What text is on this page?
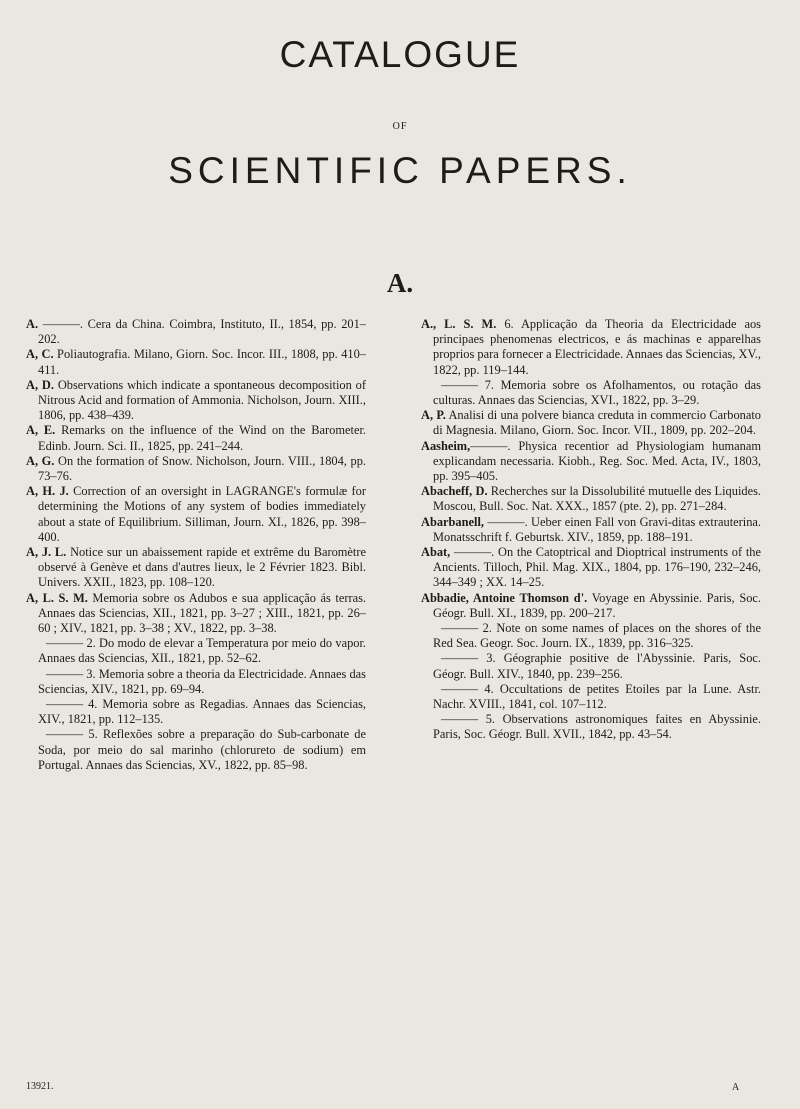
CATALOGUE
OF
SCIENTIFIC PAPERS.
A.

A. ———. Cera da China. Coimbra, Instituto, II., 1854, pp. 201–202.

A, C. Poliautografia. Milano, Giorn. Soc. Incor. III., 1808, pp. 410–411.

A, D. Observations which indicate a spontaneous decomposition of Nitrous Acid and formation of Ammonia. Nicholson, Journ. XIII., 1806, pp. 438–439.

A, E. Remarks on the influence of the Wind on the Barometer. Edinb. Journ. Sci. II., 1825, pp. 241–244.

A, G. On the formation of Snow. Nicholson, Journ. VIII., 1804, pp. 73–76.

A, H. J. Correction of an oversight in LAGRANGE's formulæ for determining the Motions of any system of bodies immediately about a state of Equilibrium. Silliman, Journ. XI., 1826, pp. 398–400.

A, J. L. Notice sur un abaissement rapide et extrême du Baromètre observé à Genève et dans d'autres lieux, le 2 Février 1823. Bibl. Univers. XXII., 1823, pp. 108–120.

A, L. S. M. Memoria sobre os Adubos e sua applicação ás terras. Annaes das Sciencias, XII., 1821, pp. 3–27 ; XIII., 1821, pp. 26–60 ; XIV., 1821, pp. 3–38 ; XV., 1822, pp. 3–38.

——— 2. Do modo de elevar a Temperatura por meio do vapor. Annaes das Sciencias, XII., 1821, pp. 52–62.

——— 3. Memoria sobre a theoria da Electricidade. Annaes das Sciencias, XIV., 1821, pp. 69–94.

——— 4. Memoria sobre as Regadias. Annaes das Sciencias, XIV., 1821, pp. 112–135.

——— 5. Reflexões sobre a preparação do Sub-carbonate de Soda, por meio do sal marinho (chlorureto de sodium) em Portugal. Annaes das Sciencias, XV., 1822, pp. 85–98.

A., L. S. M. 6. Applicação da Theoria da Electricidade aos principaes phenomenas electricos, e ás machinas e apparelhas proprios para fornecer a Electricidade. Annaes das Sciencias, XV., 1822, pp. 119–144.

——— 7. Memoria sobre os Afolhamentos, ou rotação das culturas. Annaes das Sciencias, XVI., 1822, pp. 3–29.

A, P. Analisi di una polvere bianca creduta in commercio Carbonato di Magnesia. Milano, Giorn. Soc. Incor. VII., 1809, pp. 202–204.

Aasheim,———. Physica recentior ad Physiologiam humanam explicandam necessaria. Kiobh., Reg. Soc. Med. Acta, IV., 1803, pp. 395–405.

Abacheff, D. Recherches sur la Dissolubilité mutuelle des Liquides. Moscou, Bull. Soc. Nat. XXX., 1857 (pte. 2), pp. 271–284.

Abarbanell, ———. Ueber einen Fall von Gravi-ditas extrauterina. Monatsschrift f. Geburtsk. XIV., 1859, pp. 188–191.

Abat, ———. On the Catoptrical and Dioptrical instruments of the Ancients. Tilloch, Phil. Mag. XIX., 1804, pp. 176–190, 232–246, 344–349 ; XX. 14–25.

Abbadie, Antoine Thomson d'. Voyage en Abyssinie. Paris, Soc. Géogr. Bull. XI., 1839, pp. 200–217.

——— 2. Note on some names of places on the shores of the Red Sea. Geogr. Soc. Journ. IX., 1839, pp. 316–325.

——— 3. Géographie positive de l'Abyssinie. Paris, Soc. Géogr. Bull. XIV., 1840, pp. 239–256.

——— 4. Occultations de petites Etoiles par la Lune. Astr. Nachr. XVIII., 1841, col. 107–112.

——— 5. Observations astronomiques faites en Abyssinie. Paris, Soc. Géogr. Bull. XVII., 1842, pp. 43–54.

13921.	A
